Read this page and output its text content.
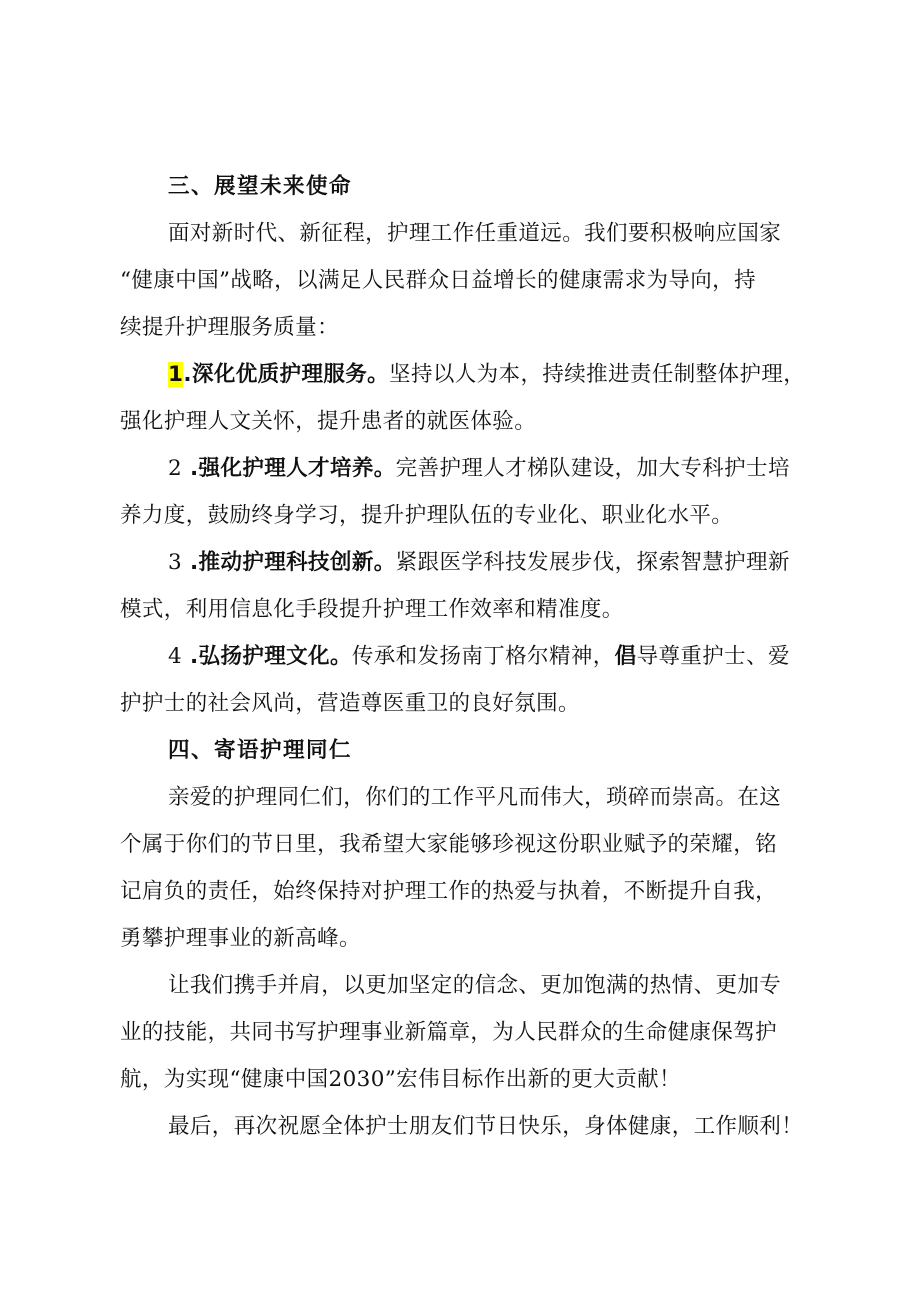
三、展望未来使命
面对新时代、新征程，护理工作任重道远。我们要积极响应国家
“健康中国”战略，以满足人民群众日益增长的健康需求为导向，持
续提升护理服务质量：
1.深化优质护理服务。坚持以人为本，持续推进责任制整体护理，
强化护理人文关怀，提升患者的就医体验。
2 .强化护理人才培养。完善护理人才梯队建设，加大专科护士培
养力度，鼓励终身学习，提升护理队伍的专业化、职业化水平。
3 .推动护理科技创新。紧跟医学科技发展步伐，探索智慧护理新
模式，利用信息化手段提升护理工作效率和精准度。
4 .弘扬护理文化。传承和发扬南丁格尔精神，倡导尊重护士、爱
护护士的社会风尚，营造尊医重卫的良好氛围。
四、寄语护理同仁
亲爱的护理同仁们，你们的工作平凡而伟大，琐碎而崇高。在这
个属于你们的节日里，我希望大家能够珍视这份职业赋予的荣耀，铭
记肩负的责任，始终保持对护理工作的热爱与执着，不断提升自我，
勇攀护理事业的新高峰。
让我们携手并肩，以更加坚定的信念、更加饱满的热情、更加专
业的技能，共同书写护理事业新篇章，为人民群众的生命健康保驾护
航，为实现“健康中国2030”宏伟目标作出新的更大贡献！
最后，再次祝愿全体护士朋友们节日快乐，身体健康，工作顺利！
